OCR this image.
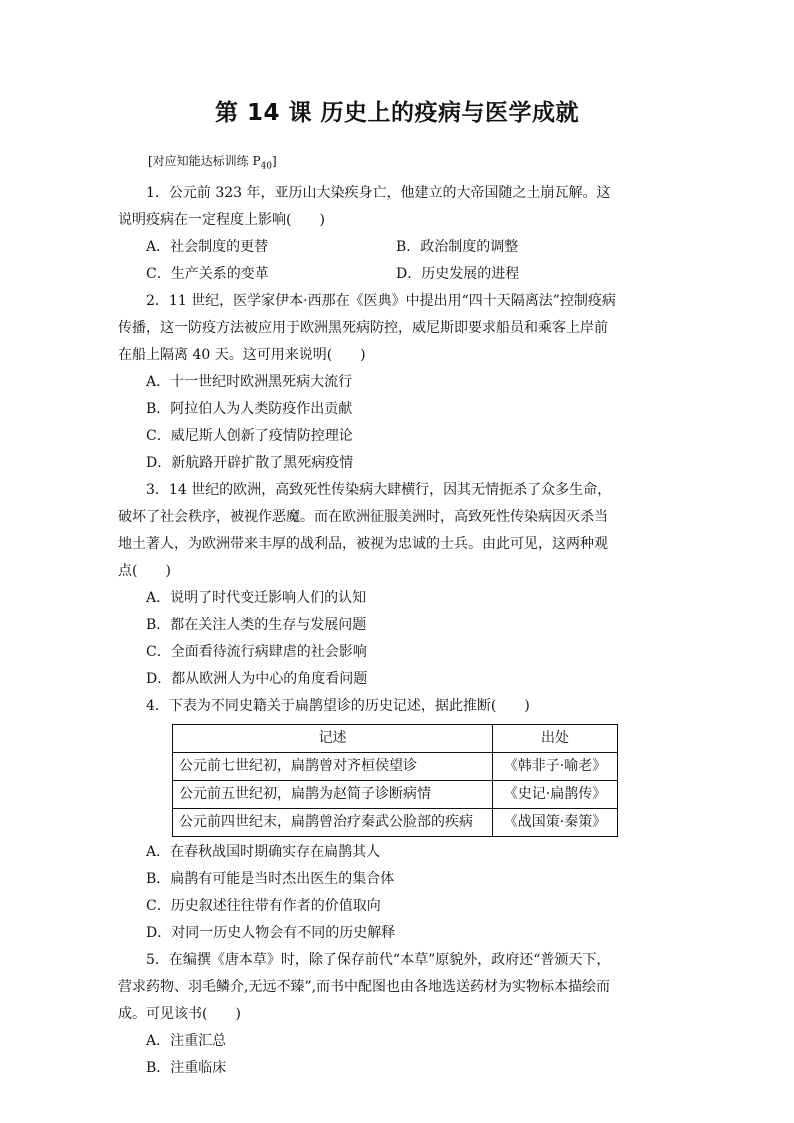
第 14 课 历史上的疫病与医学成就
[对应知能达标训练 $P_{40}$]

1．公元前 323 年，亚历山大染疾身亡，他建立的大帝国随之土崩瓦解。这说明疫病在一定程度上影响(　　)

A．社会制度的更替	B．政治制度的调整
C．生产关系的变革	D．历史发展的进程

2．11 世纪，医学家伊本·西那在《医典》中提出用“四十天隔离法”控制疫病传播，这一防疫方法被应用于欧洲黑死病防控，威尼斯即要求船员和乘客上岸前在船上隔离 40 天。这可用来说明(　　)

A．十一世纪时欧洲黑死病大流行

B．阿拉伯人为人类防疫作出贡献

C．威尼斯人创新了疫情防控理论

D．新航路开辟扩散了黑死病疫情

3．14 世纪的欧洲，高致死性传染病大肆横行，因其无情扼杀了众多生命，破坏了社会秩序，被视作恶魔。而在欧洲征服美洲时，高致死性传染病因灭杀当地土著人，为欧洲带来丰厚的战利品，被视为忠诚的士兵。由此可见，这两种观点(　　)

A．说明了时代变迁影响人们的认知

B．都在关注人类的生存与发展问题

C．全面看待流行病肆虐的社会影响

D．都从欧洲人为中心的角度看问题

4．下表为不同史籍关于扁鹊望诊的历史记述，据此推断(　　)

记述	出处
公元前七世纪初，扁鹊曾对齐桓侯望诊	《韩非子·喻老》
公元前五世纪初，扁鹊为赵简子诊断病情	《史记·扁鹊传》
公元前四世纪末，扁鹊曾治疗秦武公脸部的疾病	《战国策·秦策》

A．在春秋战国时期确实存在扁鹊其人

B．扁鹊有可能是当时杰出医生的集合体

C．历史叙述往往带有作者的价值取向

D．对同一历史人物会有不同的历史解释

5．在编撰《唐本草》时，除了保存前代“本草”原貌外，政府还“普颁天下，营求药物、羽毛鳞介,无远不臻”,而书中配图也由各地选送药材为实物标本描绘而成。可见该书(　　)

A．注重汇总

B．注重临床
